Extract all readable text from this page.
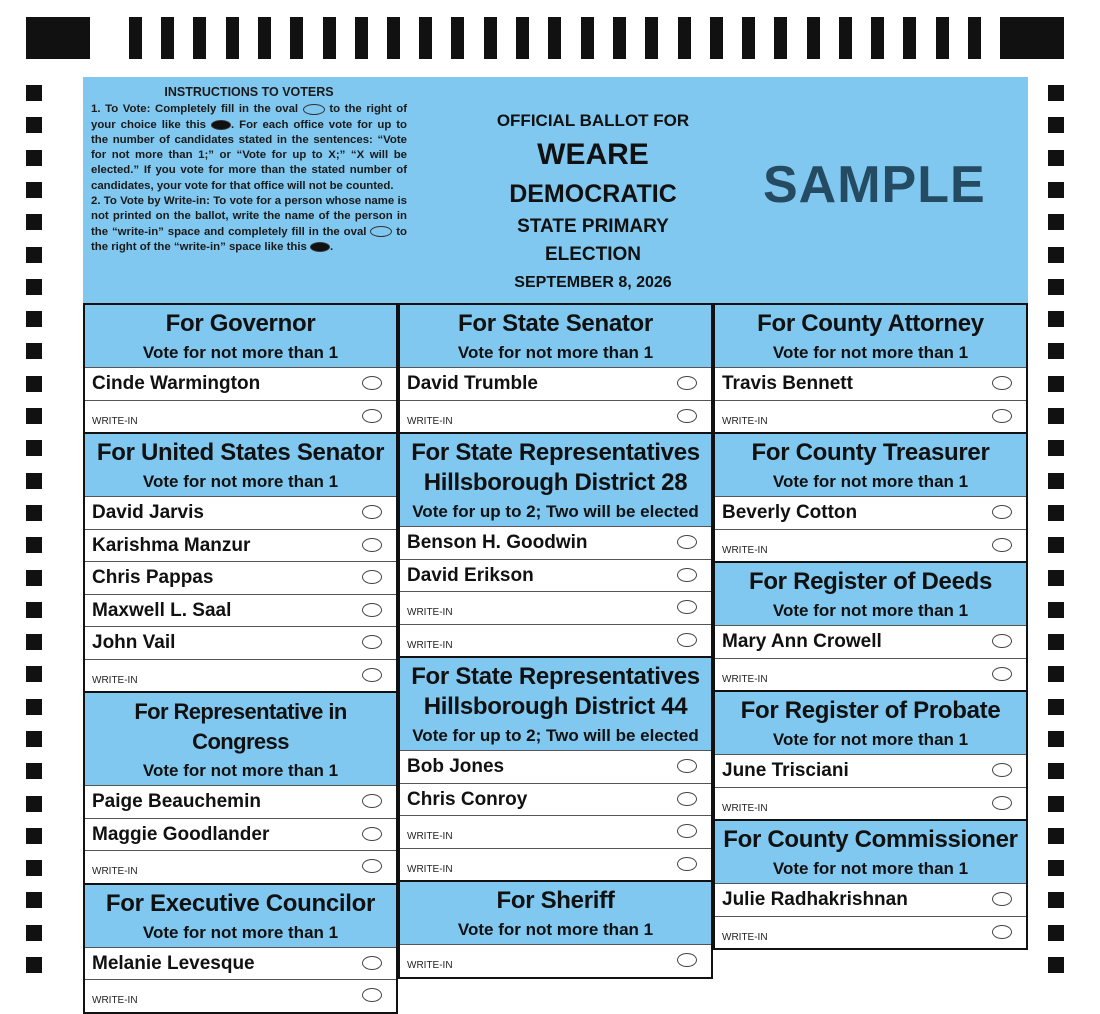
INSTRUCTIONS TO VOTERS

1. To Vote: Completely fill in the oval	to the right of your choice like this . For each office vote for up to the number of candidates stated in the sentences: “Vote for not more than 1;” or “Vote for up to X;” “X will be elected.” If you vote for more than the stated number of candidates, your vote for that office will not be counted.

2. To Vote by Write-in: To vote for a person whose name is not printed on the ballot, write the name of the person in the “write-in” space and completely fill in the oval	to the right of the “write-in” space like this .

OFFICIAL BALLOT FOR
WEARE
DEMOCRATIC
STATE PRIMARY
ELECTION
SEPTEMBER 8, 2026
SAMPLE
For Governor
Vote for not more than 1
Cinde Warmington
WRITE-IN
For United States Senator
Vote for not more than 1
David Jarvis
Karishma Manzur
Chris Pappas
Maxwell L. Saal
John Vail
WRITE-IN
For Representative in Congress
Vote for not more than 1
Paige Beauchemin
Maggie Goodlander
WRITE-IN
For Executive Councilor
Vote for not more than 1
Melanie Levesque
WRITE-IN
For State Senator
Vote for not more than 1
David Trumble
WRITE-IN
For State Representatives
Hillsborough District 28
Vote for up to 2; Two will be elected
Benson H. Goodwin
David Erikson
WRITE-IN
WRITE-IN
For State Representatives
Hillsborough District 44
Vote for up to 2; Two will be elected
Bob Jones
Chris Conroy
WRITE-IN
WRITE-IN
For Sheriff
Vote for not more than 1
WRITE-IN
For County Attorney
Vote for not more than 1
Travis Bennett
WRITE-IN
For County Treasurer
Vote for not more than 1
Beverly Cotton
WRITE-IN
For Register of Deeds
Vote for not more than 1
Mary Ann Crowell
WRITE-IN
For Register of Probate
Vote for not more than 1
June Trisciani
WRITE-IN
For County Commissioner
Vote for not more than 1
Julie Radhakrishnan
WRITE-IN
